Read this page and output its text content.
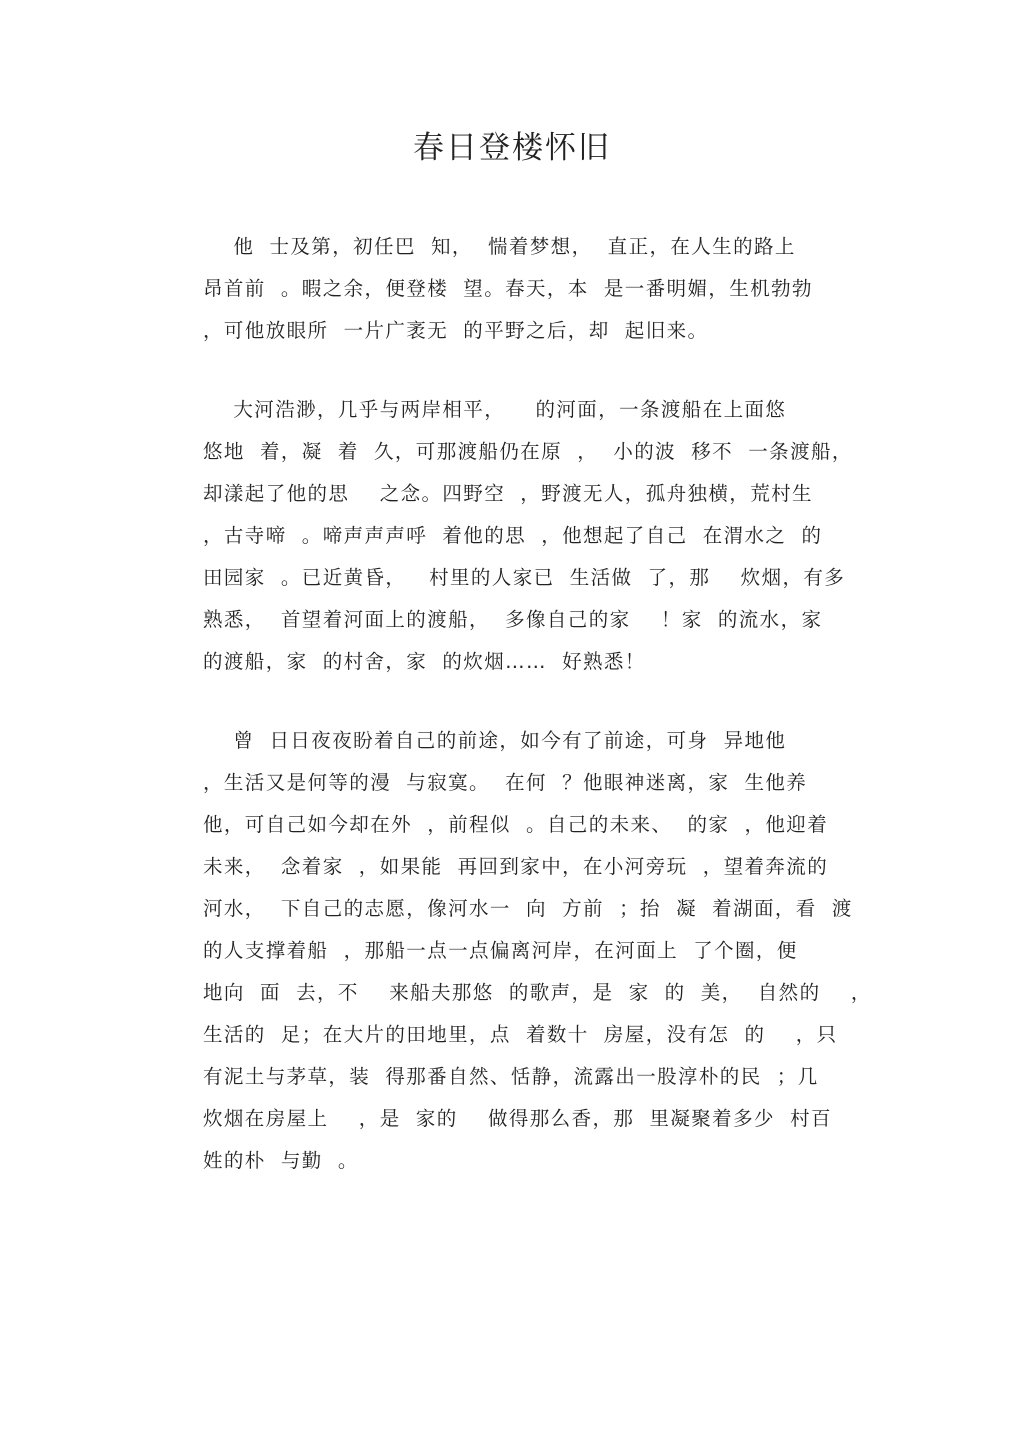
春日登楼怀旧
他  士及第，初任巴  知，  惴着梦想，  直正，在人生的路上
昂首前  。暇之余，便登楼  望。春天，本  是一番明媚，生机勃勃
，可他放眼所  一片广袤无  的平野之后，却  起旧来。
大河浩渺，几乎与两岸相平，    的河面，一条渡船在上面悠
悠地  着，凝  着  久，可那渡船仍在原  ，  小的波  移不  一条渡船，
却漾起了他的思    之念。四野空  ，野渡无人，孤舟独横，荒村生
，古寺啼  。啼声声声呼  着他的思  ，他想起了自己  在渭水之  的
田园家  。已近黄昏，   村里的人家已  生活做  了，那    炊烟，有多
熟悉，  首望着河面上的渡船，  多像自己的家    ！家  的流水，家
的渡船，家  的村舍，家  的炊烟……  好熟悉！
曾  日日夜夜盼着自己的前途，如今有了前途，可身  异地他
，生活又是何等的漫  与寂寞。  在何  ？他眼神迷离，家  生他养
他，可自己如今却在外  ，前程似  。自己的未来、  的家  ，他迎着
未来，  念着家  ，如果能  再回到家中，在小河旁玩  ，望着奔流的
河水，  下自己的志愿，像河水一  向  方前  ；抬  凝  着湖面，看  渡
的人支撑着船  ，那船一点一点偏离河岸，在河面上  了个圈，便
地向  面  去，不    来船夫那悠  的歌声，是  家  的  美，  自然的    ，
生活的  足；在大片的田地里，点  着数十  房屋，没有怎  的    ，只
有泥土与茅草，装  得那番自然、恬静，流露出一股淳朴的民  ；几
炊烟在房屋上    ，是  家的    做得那么香，那  里凝聚着多少  村百
姓的朴  与勤  。
